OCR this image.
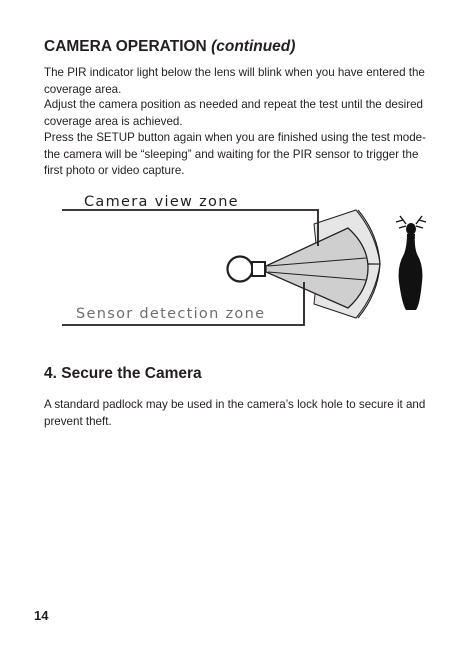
CAMERA OPERATION (continued)

The PIR indicator light below the lens will blink when you have entered the coverage area.

Adjust the camera position as needed and repeat the test until the desired coverage area is achieved.

Press the SETUP button again when you are finished using the test mode- the camera will be “sleeping” and waiting for the PIR sensor to trigger the first photo or video capture.

Camera view zone
Sensor detection zone
4. Secure the Camera

A standard padlock may be used in the camera’s lock hole to secure it and prevent theft.

14
